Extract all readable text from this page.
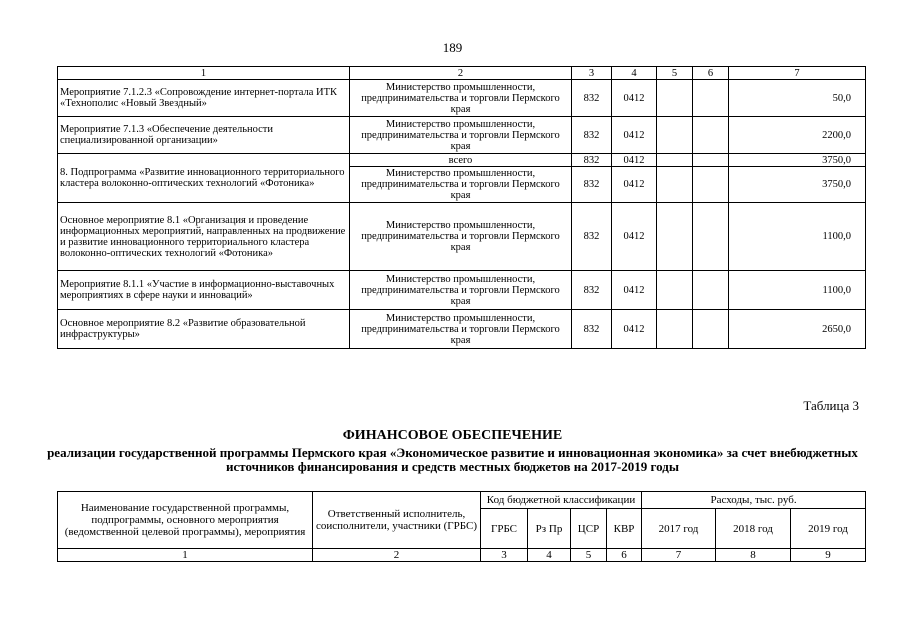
189
1	2	3	4	5	6	7
Мероприятие 7.1.2.3 «Сопровождение интернет-портала ИТК «Технополис «Новый Звездный»	Министерство промышленности, предпринимательства и торговли Пермского края	832	0412			50,0
Мероприятие 7.1.3 «Обеспечение деятельности специализированной организации»	Министерство промышленности, предпринимательства и торговли Пермского края	832	0412			2200,0
8. Подпрограмма «Развитие инновационного территориального кластера волоконно-оптических технологий «Фотоника»	всего	832	0412			3750,0
	Министерство промышленности, предпринимательства и торговли Пермского края	832	0412			3750,0
Основное мероприятие 8.1 «Организация и проведение информационных мероприятий, направленных на продвижение и развитие инновационного территориального кластера волоконно-оптических технологий «Фотоника»	Министерство промышленности, предпринимательства и торговли Пермского края	832	0412			1100,0
Мероприятие 8.1.1 «Участие в информационно-выставочных мероприятиях в сфере науки и инноваций»	Министерство промышленности, предпринимательства и торговли Пермского края	832	0412			1100,0
Основное мероприятие 8.2 «Развитие образовательной инфраструктуры»	Министерство промышленности, предпринимательства и торговли Пермского края	832	0412			2650,0
Таблица 3
ФИНАНСОВОЕ ОБЕСПЕЧЕНИЕ
реализации государственной программы Пермского края «Экономическое развитие и инновационная экономика» за счет внебюджетных источников финансирования и средств местных бюджетов на 2017-2019 годы
Наименование государственной программы, подпрограммы, основного мероприятия (ведомственной целевой программы), мероприятия	Ответственный исполнитель, соисполнители, участники (ГРБС)	Код бюджетной классификации				Расходы, тыс. руб.		
		ГРБС	Рз Пр	ЦСР	КВР	2017 год	2018 год	2019 год
1	2	3	4	5	6	7	8	9
